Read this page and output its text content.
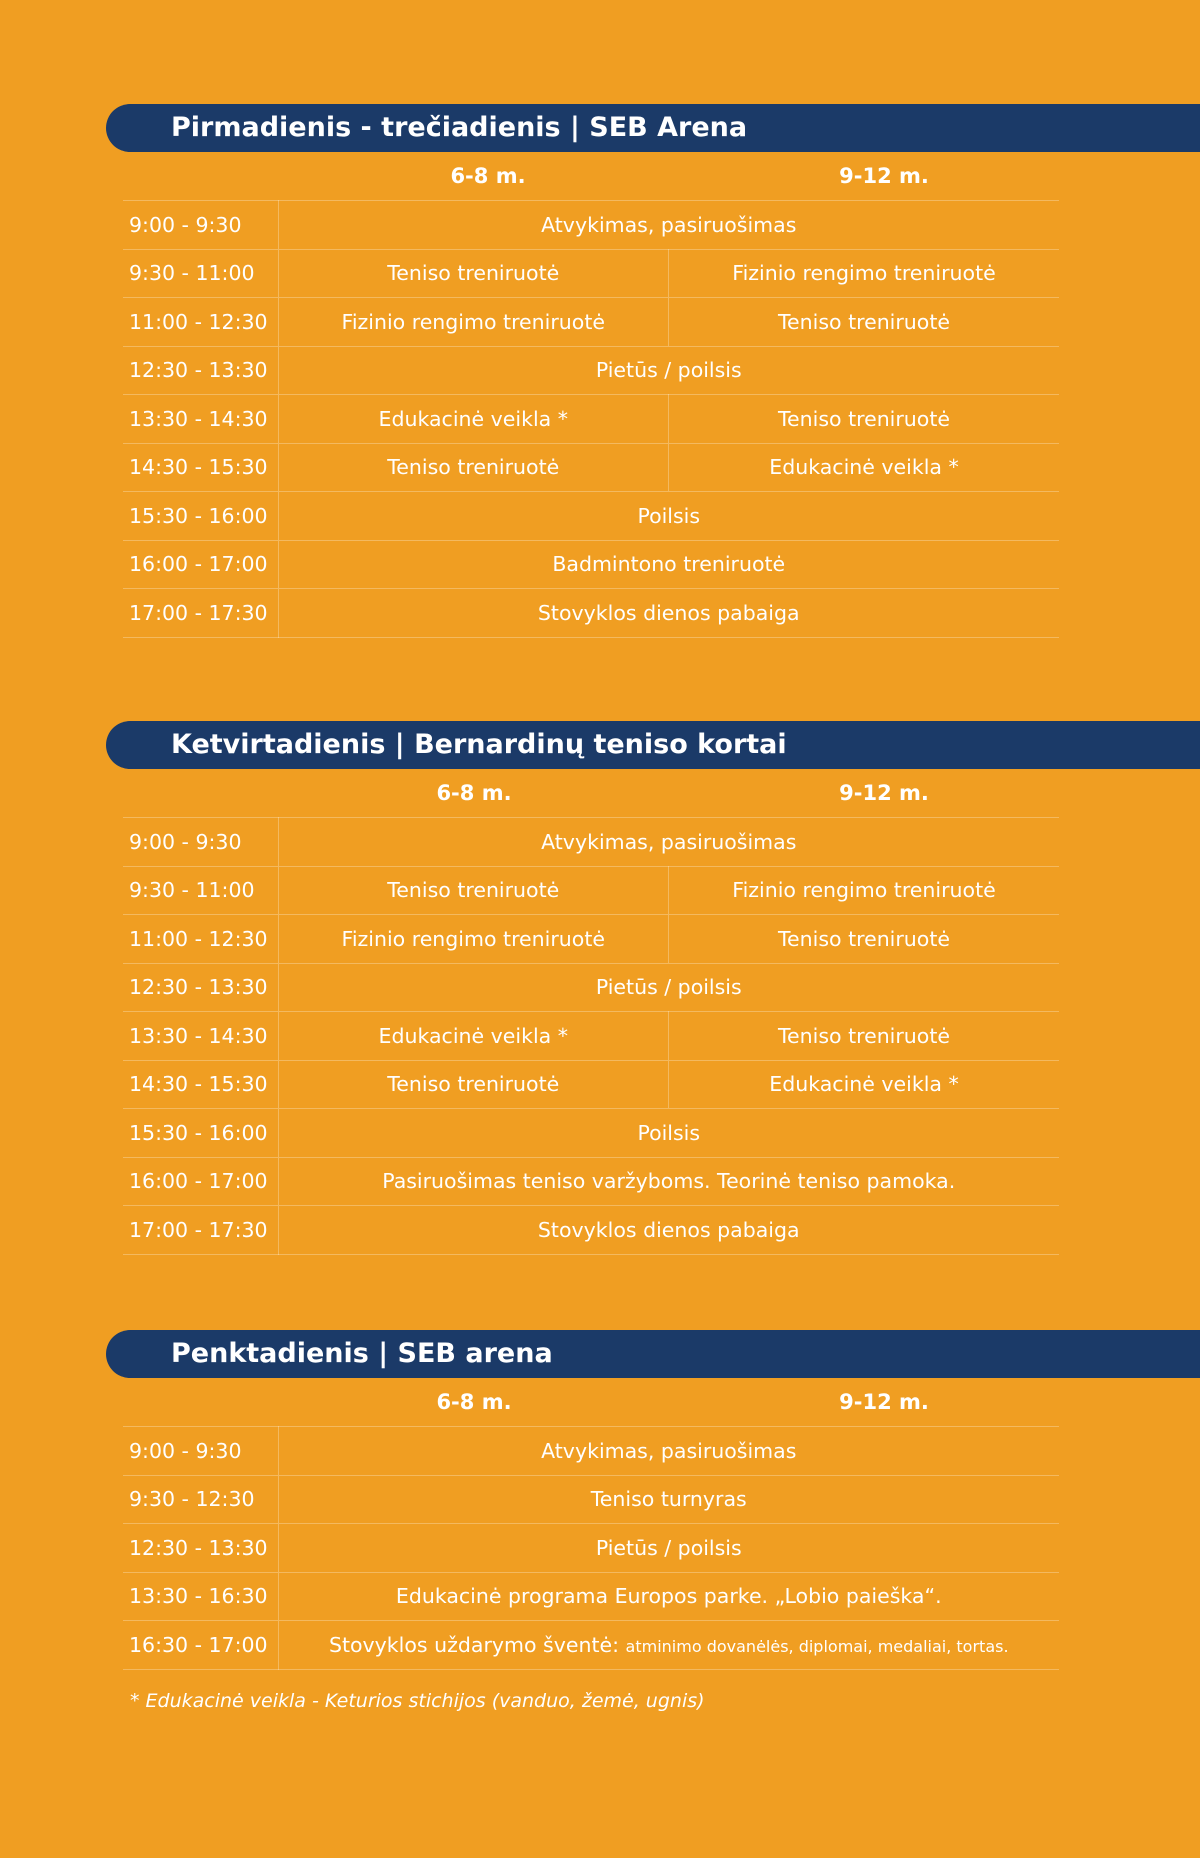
Pirmadienis - trečiadienis | SEB Arena
6-8 m.	9-12 m.
9:00 - 9:30	Atvykimas, pasiruošimas	
9:30 - 11:00	Teniso treniruotė	Fizinio rengimo treniruotė
11:00 - 12:30	Fizinio rengimo treniruotė	Teniso treniruotė
12:30 - 13:30	Pietūs / poilsis	
13:30 - 14:30	Edukacinė veikla *	Teniso treniruotė
14:30 - 15:30	Teniso treniruotė	Edukacinė veikla *
15:30 - 16:00	Poilsis	
16:00 - 17:00	Badmintono treniruotė	
17:00 - 17:30	Stovyklos dienos pabaiga	
Ketvirtadienis | Bernardinų teniso kortai
6-8 m.	9-12 m.
9:00 - 9:30	Atvykimas, pasiruošimas	
9:30 - 11:00	Teniso treniruotė	Fizinio rengimo treniruotė
11:00 - 12:30	Fizinio rengimo treniruotė	Teniso treniruotė
12:30 - 13:30	Pietūs / poilsis	
13:30 - 14:30	Edukacinė veikla *	Teniso treniruotė
14:30 - 15:30	Teniso treniruotė	Edukacinė veikla *
15:30 - 16:00	Poilsis	
16:00 - 17:00	Pasiruošimas teniso varžyboms. Teorinė teniso pamoka.	
17:00 - 17:30	Stovyklos dienos pabaiga	
Penktadienis | SEB arena
6-8 m.	9-12 m.
9:00 - 9:30	Atvykimas, pasiruošimas
9:30 - 12:30	Teniso turnyras
12:30 - 13:30	Pietūs / poilsis
13:30 - 16:30	Edukacinė programa Europos parke. „Lobio paieška“.
16:30 - 17:00	Stovyklos uždarymo šventė: atminimo dovanėlės, diplomai, medaliai, tortas.
* Edukacinė veikla - Keturios stichijos (vanduo, žemė, ugnis)
